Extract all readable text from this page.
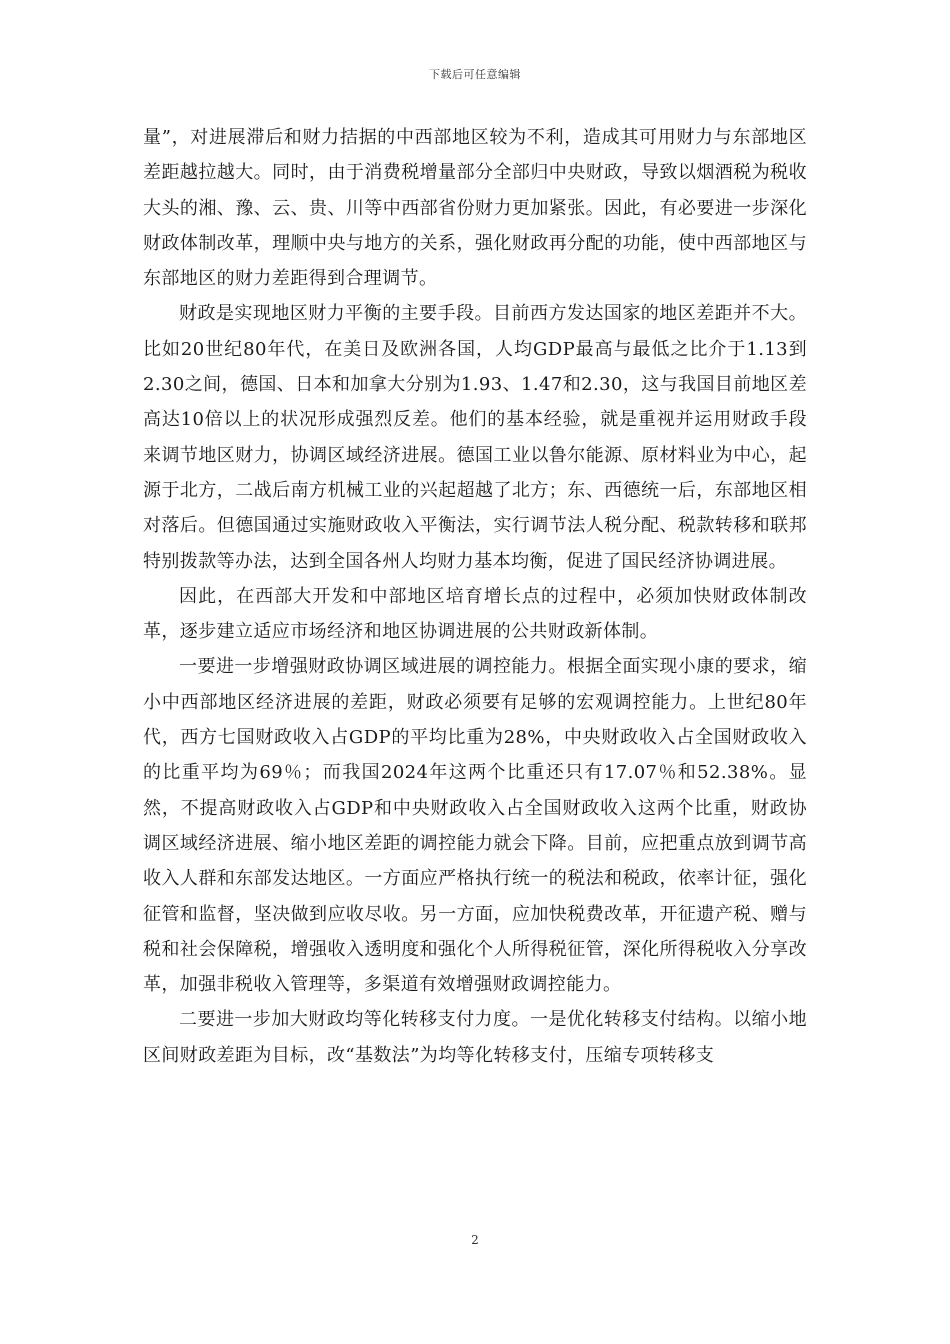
下载后可任意编辑

量”，对进展滞后和财力拮据的中西部地区较为不利，造成其可用财力与东部地区差距越拉越大。同时，由于消费税增量部分全部归中央财政，导致以烟酒税为税收大头的湘、豫、云、贵、川等中西部省份财力更加紧张。因此，有必要进一步深化财政体制改革，理顺中央与地方的关系，强化财政再分配的功能，使中西部地区与东部地区的财力差距得到合理调节。

财政是实现地区财力平衡的主要手段。目前西方发达国家的地区差距并不大。比如20世纪80年代，在美日及欧洲各国，人均GDP最高与最低之比介于1.13到2.30之间，德国、日本和加拿大分别为1.93、1.47和2.30，这与我国目前地区差高达10倍以上的状况形成强烈反差。他们的基本经验，就是重视并运用财政手段来调节地区财力，协调区域经济进展。德国工业以鲁尔能源、原材料业为中心，起源于北方，二战后南方机械工业的兴起超越了北方；东、西德统一后，东部地区相对落后。但德国通过实施财政收入平衡法，实行调节法人税分配、税款转移和联邦特别拨款等办法，达到全国各州人均财力基本均衡，促进了国民经济协调进展。

因此，在西部大开发和中部地区培育增长点的过程中，必须加快财政体制改革，逐步建立适应市场经济和地区协调进展的公共财政新体制。

一要进一步增强财政协调区域进展的调控能力。根据全面实现小康的要求，缩小中西部地区经济进展的差距，财政必须要有足够的宏观调控能力。上世纪80年代，西方七国财政收入占GDP的平均比重为28%，中央财政收入占全国财政收入的比重平均为69％；而我国2024年这两个比重还只有17.07％和52.38%。显然，不提高财政收入占GDP和中央财政收入占全国财政收入这两个比重，财政协调区域经济进展、缩小地区差距的调控能力就会下降。目前，应把重点放到调节高收入人群和东部发达地区。一方面应严格执行统一的税法和税政，依率计征，强化征管和监督，坚决做到应收尽收。另一方面，应加快税费改革，开征遗产税、赠与税和社会保障税，增强收入透明度和强化个人所得税征管，深化所得税收入分享改革，加强非税收入管理等，多渠道有效增强财政调控能力。

二要进一步加大财政均等化转移支付力度。一是优化转移支付结构。以缩小地区间财政差距为目标，改“基数法”为均等化转移支付，压缩专项转移支

2
